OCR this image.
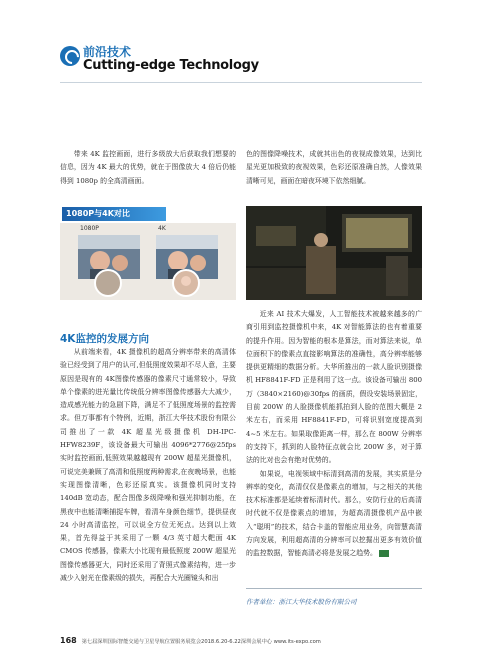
前沿技术
Cutting-edge Technology

带来 4K 监控画面，进行多级放大后获取我们想要的信息，因为 4K 最大的优势，就在于图像放大 4 倍后仍能得到 1080p 的全高清画面。

色的图像降噪技术，成就其出色的夜视成像效果，达到比星光更加极致的夜视效果，色彩还原准确自然，人像效果清晰可见，画面在暗夜环境下依然细腻。

1080P	4K
1080P与4K对比
4K监控的发展方向

从前端来看，4K 摄像机的超高分辨率带来的高清体验已经受到了用户的认可,但低照度效果却不尽人意，主要原因是现有的 4K图像传感器的像素尺寸通常较小，导致单个像素的进光量比传统低分辨率图像传感器大大减少，造成感光能力的急剧下降，满足不了低照度场景的监控需求。但万事都有个特例，近期，浙江大华技术股份有限公司推出了一款 4K 超星光级摄像机 DH-IPC-HFW8239F，该设备最大可输出 4096*2776@25fps 实时监控画面,低照效果越越现有 200W 超星光摄像机，可说完美兼顾了高清和低照度两种需求,在夜晚场景，也能实现图像清晰，色彩还原真实。该摄像机同时支持 140dB 宽动态，配合图像多级降噪和强光抑制功能，在黑夜中也能清晰捕捉车牌，看清车身颜色细节，提供昼夜 24 小时高清监控，可以说全方位无死点。达到以上效果，首先得益于其采用了一颗 4/3 英寸超大靶面 4K CMOS 传感器，像素大小比现有最低照度 200W 超星光图像传感器更大，同时还采用了背照式像素结构，进一步减少入射光在像素级的损失，再配合大光圈镜头和出

近来 AI 技术大爆发，人工智能技术被越来越多的广商引用到监控摄像机中来，4K 对智能算法的也有着重要的提升作用。因为智能的根本是算法，而对算法来说，单位面积下的像素点直接影响算法的准确性，高分辨率能够提供更精细的数据分析。大华所推出的一款人脸识别摄像机 HF8841F-FD 正是利用了这一点。该设备可输出 800 万（3840×2160)@30fps 的画质，假设安装场景固定，目前 200W 的人脸摄像机能抓拍到人脸的范围大概是 2 米左右，而采用 HF8841F-FD，可将识别宽度提高到 4~5 米左右。如果取像距离一样，那么在 800W 分辨率的支持下，抓到的人脸特征点就会比 200W 多，对于算法的比对也会有绝对优势的。

如果说，电视领域中标清到高清的发展，其实质是分辨率的变化，高清仅仅是像素点的增加，与之相关的其他技术标准都是延续着标清时代。那么，安防行业的后高清时代就不仅是像素点的增加，为超高清摄像机产品中嵌入“聪明”的技术，结合卡盖的智能应用业务，向智慧高清方向发展，利用超高清的分辨率可以挖掘出更多有效价值的监控数据，智能高清必将是发展之趋势。

作者单位：浙江大华技术股份有限公司
168 第七届深圳国际智能交通与卫星导航位置服务展览会2018.6.20-6.22深圳会展中心 www.its-expo.com
